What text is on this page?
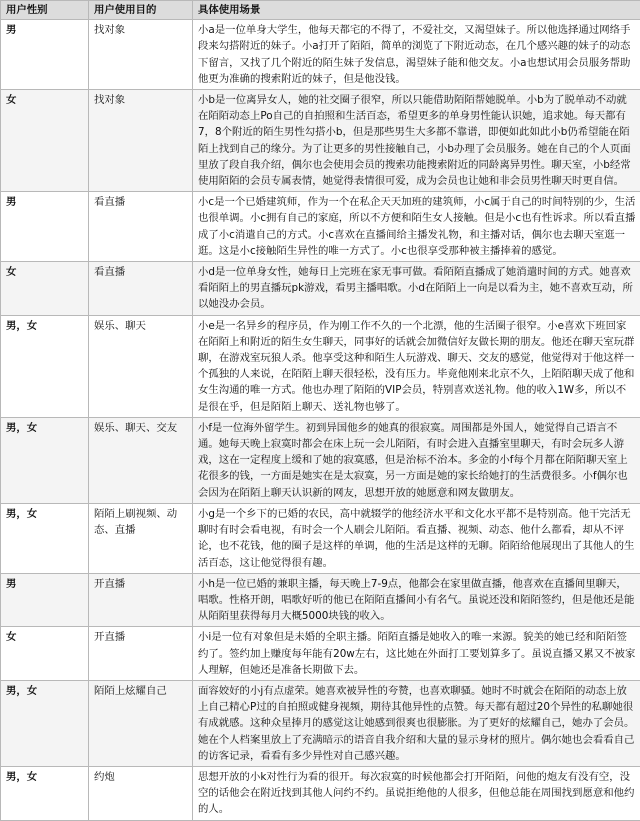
用户性别	用户使用目的	具体使用场景
男	找对象	小a是一位单身大学生，他每天都宅的不得了，不爱社交，又渴望妹子。所以他选择通过网络手段来勾搭附近的妹子。小a打开了陌陌，简单的浏览了下附近动态，在几个感兴趣的妹子的动态下留言，又找了几个附近的陌生妹子发信息，渴望妹子能和他交友。小a也想试用会员服务帮助他更为准确的搜索附近的妹子，但是他没钱。
女	找对象	小b是一位离异女人，她的社交圈子很窄，所以只能借助陌陌帮她脱单。小b为了脱单动不动就在陌陌动态上Po自己的自拍照和生活百态，希望更多的单身男性能认识她，追求她。每天都有7，8个附近的陌生男性勾搭小b，但是那些男生大多都不靠谱，即便如此如此小b仍希望能在陌陌上找到自己的缘分。为了让更多的男性接触自己，小b办理了会员服务。她在自己的个人页面里放了段自我介绍，偶尔也会使用会员的搜索功能搜索附近的同龄离异男性。聊天室，小b经常使用陌陌的会员专属表情，她觉得表情很可爱，成为会员也让她和非会员男性聊天时更自信。
男	看直播	小c是一个已婚建筑师，作为一个在私企天天加班的建筑师，小c属于自己的时间特别的少，生活也很单调。小c拥有自己的家庭，所以不方便和陌生女人接触。但是小c也有性诉求。所以看直播成了小c消遣自己的方式。小c喜欢在直播间给主播发礼物，和主播对话，偶尔也去聊天室逛一逛。这是小c接触陌生异性的唯一方式了。小c也很享受那种被主播捧着的感觉。
女	看直播	小d是一位单身女性，她每日上完班在家无事可做。看陌陌直播成了她消遣时间的方式。她喜欢看陌陌上的男直播玩pk游戏，看男主播唱歌。小d在陌陌上一向是以看为主，她不喜欢互动，所以她没办会员。
男，女	娱乐、聊天	小e是一名异乡的程序员，作为刚工作不久的一个北漂，他的生活圈子很窄。小e喜欢下班回家在陌陌上和附近的陌生女生聊天，同事好的话就会加微信好友做长期的朋友。他还在聊天室玩群聊，在游戏室玩狼人杀。他享受这种和陌生人玩游戏、聊天、交友的感觉，他觉得对于他这样一个孤独的人来说，在陌陌上聊天很轻松，没有压力。毕竟他刚来北京不久，上陌陌聊天成了他和女生沟通的唯一方式。他也办理了陌陌的VIP会员，特别喜欢送礼物。他的收入1W多，所以不是很在乎，但是陌陌上聊天、送礼物也够了。
男，女	娱乐、聊天、交友	小f是一位海外留学生。初到异国他乡的她真的很寂寞。周围都是外国人，她觉得自己语言不通。她每天晚上寂寞时都会在床上玩一会儿陌陌，有时会进入直播室里聊天，有时会玩多人游戏，这在一定程度上缓和了她的寂寞感，但是治标不治本。多金的小f每个月都在陌陌聊天室上花很多的钱，一方面是她实在是太寂寞，另一方面是她的家长给她打的生活费很多。小f偶尔也会因为在陌陌上聊天认识新的网友，思想开放的她愿意和网友做朋友。
男，女	陌陌上刷视频、动态、直播	小g是一个乡下的已婚的农民，高中就辍学的他经济水平和文化水平都不是特别高。他干完活无聊时有时会看电视，有时会一个人刷会儿陌陌。看直播、视频、动态、他什么都看，却从不评论，也不花钱，他的圈子是这样的单调，他的生活是这样的无聊。陌陌给他展现出了其他人的生活百态，这让他觉得很有趣。
男	开直播	小h是一位已婚的兼职主播，每天晚上7-9点，他都会在家里做直播，他喜欢在直播间里聊天，唱歌。性格开朗，唱歌好听的他已在陌陌直播间小有名气。虽说还没和陌陌签约，但是他还是能从陌陌里获得每月大概5000块钱的收入。
女	开直播	小i是一位有对象但是未婚的全职主播。陌陌直播是她收入的唯一来源。貌美的她已经和陌陌签约了。签约加上赚度每年能有20w左右，这比她在外面打工要划算多了。虽说直播又累又不被家人理解，但她还是准备长期做下去。
男，女	陌陌上炫耀自己	面容姣好的小j有点虚荣。她喜欢被异性的夸赞，也喜欢聊骚。她时不时就会在陌陌的动态上放上自己精心P过的自拍照或健身视频，期待其他异性的点赞。每天都有超过20个异性的私聊她很有成就感。这种众星捧月的感觉这让她感到很爽也很膨胀。为了更好的炫耀自己，她办了会员。她在个人档案里放上了充满暗示的语音自我介绍和大量的显示身材的照片。偶尔她也会看看自己的访客记录，看看有多少异性对自己感兴趣。
男，女	约炮	思想开放的小k对性行为看的很开。每次寂寞的时候他都会打开陌陌，问他的炮友有没有空，没空的话他会在附近找到其他人问约不约。虽说拒绝他的人很多，但他总能在周围找到愿意和他约的人。
